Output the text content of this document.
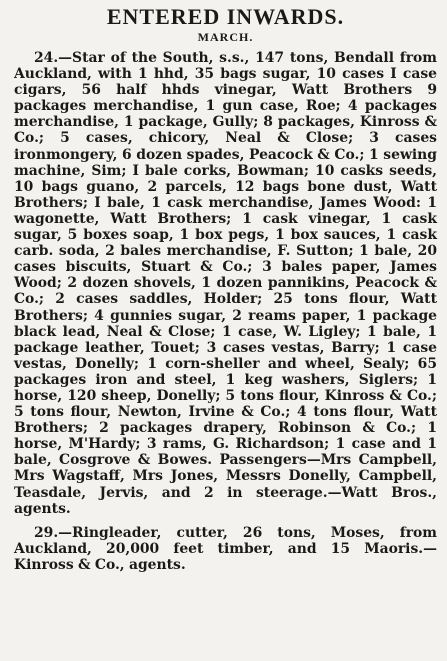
ENTERED INWARDS.
MARCH.

24.—Star of the South, s.s., 147 tons, Bendall from Auckland, with 1 hhd, 35 bags sugar, 10 cases I case cigars, 56 half hhds vinegar, Watt Brothers 9 packages merchandise, 1 gun case, Roe; 4 packages merchandise, 1 package, Gully; 8 packages, Kinross & Co.; 5 cases, chicory, Neal & Close; 3 cases ironmongery, 6 dozen spades, Peacock & Co.; 1 sewing machine, Sim; I bale corks, Bowman; 10 casks seeds, 10 bags guano, 2 parcels, 12 bags bone dust, Watt Brothers; I bale, 1 cask merchandise, James Wood: 1 wagonette, Watt Brothers; 1 cask vinegar, 1 cask sugar, 5 boxes soap, 1 box pegs, 1 box sauces, 1 cask carb. soda, 2 bales merchandise, F. Sutton; 1 bale, 20 cases biscuits, Stuart & Co.; 3 bales paper, James Wood; 2 dozen shovels, 1 dozen pannikins, Peacock & Co.; 2 cases saddles, Holder; 25 tons flour, Watt Brothers; 4 gunnies sugar, 2 reams paper, 1 package black lead, Neal & Close; 1 case, W. Ligley; 1 bale, 1 package leather, Touet; 3 cases vestas, Barry; 1 case vestas, Donelly; 1 corn-sheller and wheel, Sealy; 65 packages iron and steel, 1 keg washers, Siglers; 1 horse, 120 sheep, Donelly; 5 tons flour, Kinross & Co.; 5 tons flour, Newton, Irvine & Co.; 4 tons flour, Watt Brothers; 2 packages drapery, Robinson & Co.; 1 horse, M'Hardy; 3 rams, G. Richardson; 1 case and 1 bale, Cosgrove & Bowes. Passengers—Mrs Campbell, Mrs Wagstaff, Mrs Jones, Messrs Donelly, Campbell, Teasdale, Jervis, and 2 in steerage.—Watt Bros., agents.

29.—Ringleader, cutter, 26 tons, Moses, from Auckland, 20,000 feet timber, and 15 Maoris.—Kinross & Co., agents.
